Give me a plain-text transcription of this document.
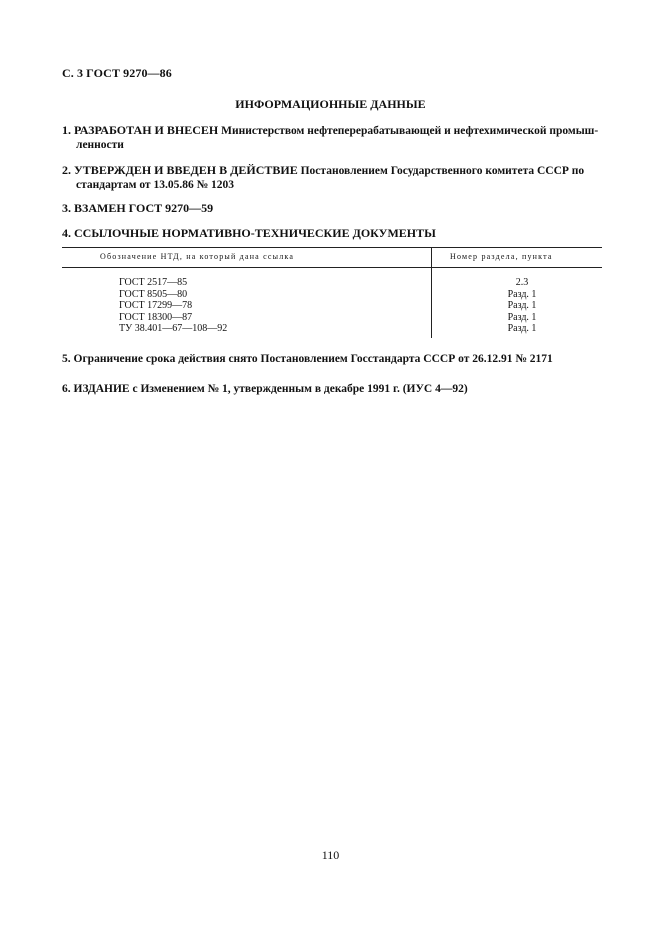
С. 3 ГОСТ 9270—86
ИНФОРМАЦИОННЫЕ ДАННЫЕ
1. РАЗРАБОТАН И ВНЕСЕН Министерством нефтеперерабатывающей и нефтехимической промыш-
ленности
2. УТВЕРЖДЕН И ВВЕДЕН В ДЕЙСТВИЕ Постановлением Государственного комитета СССР по
стандартам от 13.05.86 № 1203
3. ВЗАМЕН ГОСТ 9270—59
4. ССЫЛОЧНЫЕ НОРМАТИВНО-ТЕХНИЧЕСКИЕ ДОКУМЕНТЫ
Обозначение НТД, на который дана ссылка	Номер раздела, пункта
ГОСТ 2517—85
ГОСТ 8505—80
ГОСТ 17299—78
ГОСТ 18300—87
ТУ 38.401—67—108—92
2.3
Разд. 1
Разд. 1
Разд. 1
Разд. 1
5. Ограничение срока действия снято Постановлением Госстандарта СССР от 26.12.91 № 2171
6. ИЗДАНИЕ с Изменением № 1, утвержденным в декабре 1991 г. (ИУС 4—92)
110
